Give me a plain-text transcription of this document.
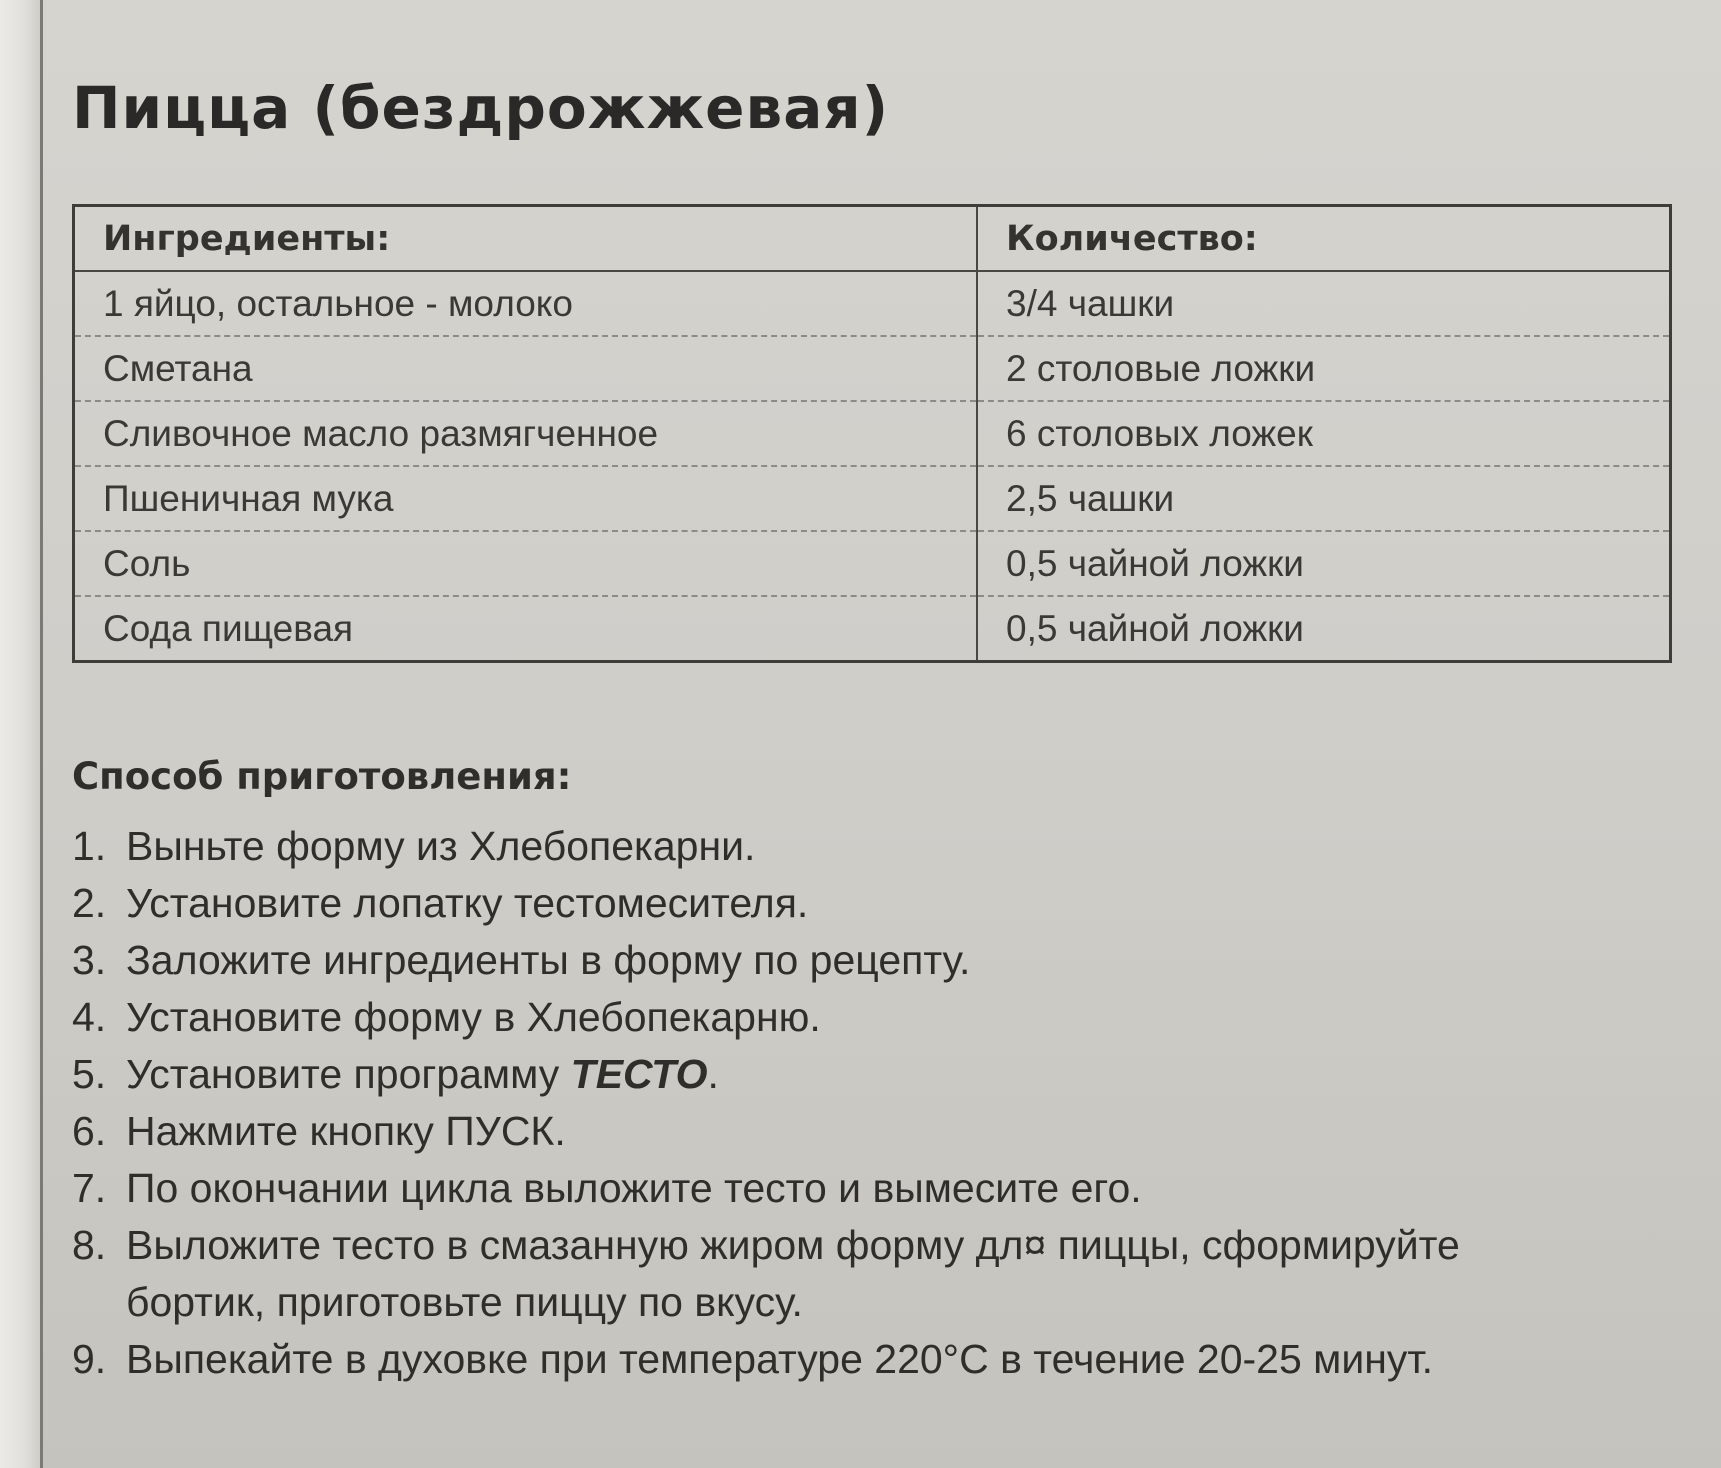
Пицца (бездрожжевая)
Ингредиенты:	Количество:
1 яйцо, остальное - молоко	3/4 чашки
Сметана	2 столовые ложки
Сливочное масло размягченное	6 столовых ложек
Пшеничная мука	2,5 чашки
Соль	0,5 чайной ложки
Сода пищевая	0,5 чайной ложки
Способ приготовления:
1. Выньте форму из Хлебопекарни.
2. Установите лопатку тестомесителя.
3. Заложите ингредиенты в форму по рецепту.
4. Установите форму в Хлебопекарню.
5. Установите программу ТЕСТО.
6. Нажмите кнопку ПУСК.
7. По окончании цикла выложите тесто и вымесите его.
8. Выложите тесто в смазанную жиром форму дл¤ пиццы, сформируйте бортик, приготовьте пиццу по вкусу.
9. Выпекайте в духовке при температуре 220°С в течение 20-25 минут.
